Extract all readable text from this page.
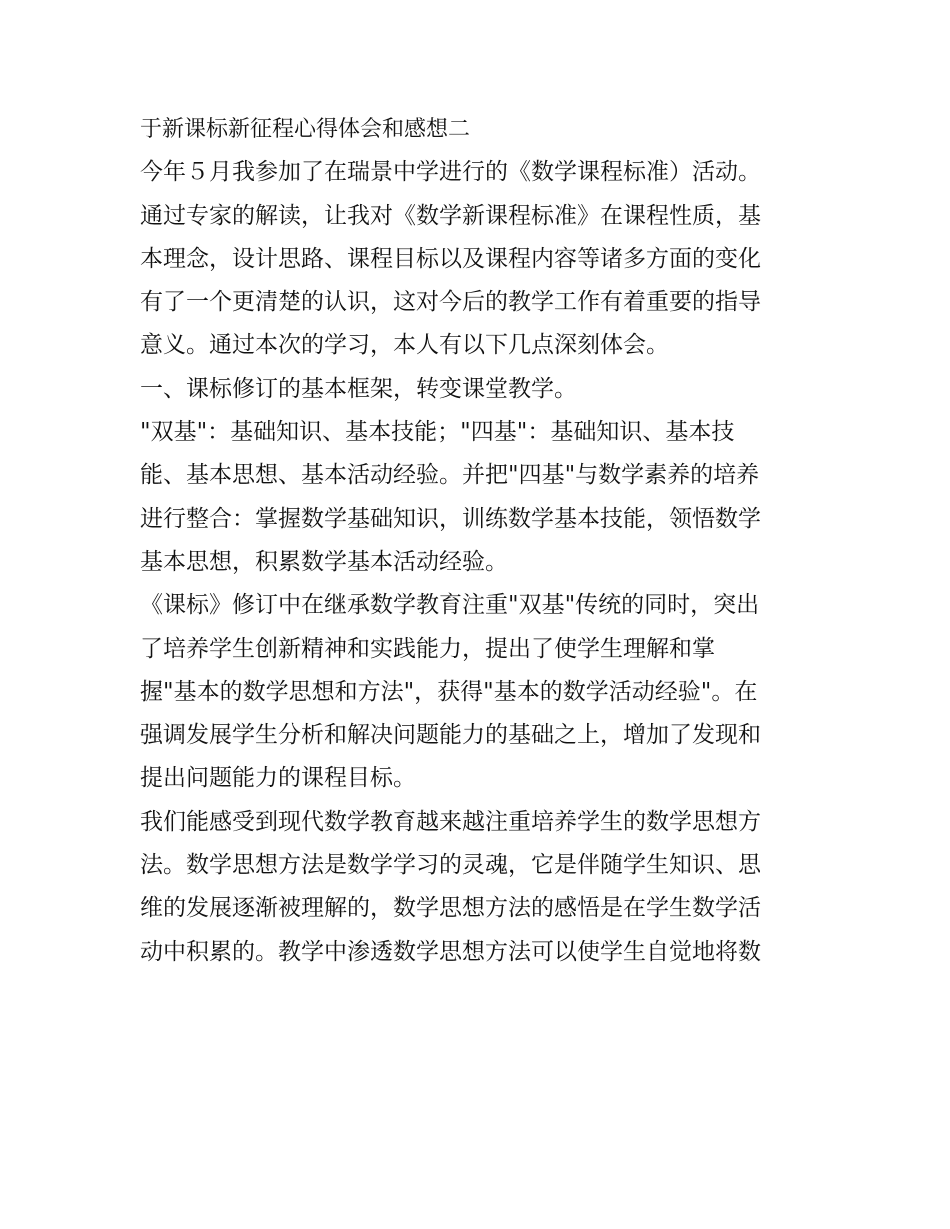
于新课标新征程心得体会和感想二
今年５月我参加了在瑞景中学进行的《数学课程标准）活动。
通过专家的解读，让我对《数学新课程标准》在课程性质，基
本理念，设计思路、课程目标以及课程内容等诸多方面的变化
有了一个更清楚的认识，这对今后的教学工作有着重要的指导
意义。通过本次的学习，本人有以下几点深刻体会。
一、课标修订的基本框架，转变课堂教学。
"双基"：基础知识、基本技能；"四基"：基础知识、基本技
能、基本思想、基本活动经验。并把"四基"与数学素养的培养
进行整合：掌握数学基础知识，训练数学基本技能，领悟数学
基本思想，积累数学基本活动经验。
《课标》修订中在继承数学教育注重"双基"传统的同时，突出
了培养学生创新精神和实践能力，提出了使学生理解和掌
握"基本的数学思想和方法"，获得"基本的数学活动经验"。在
强调发展学生分析和解决问题能力的基础之上，增加了发现和
提出问题能力的课程目标。
我们能感受到现代数学教育越来越注重培养学生的数学思想方
法。数学思想方法是数学学习的灵魂，它是伴随学生知识、思
维的发展逐渐被理解的，数学思想方法的感悟是在学生数学活
动中积累的。教学中渗透数学思想方法可以使学生自觉地将数
